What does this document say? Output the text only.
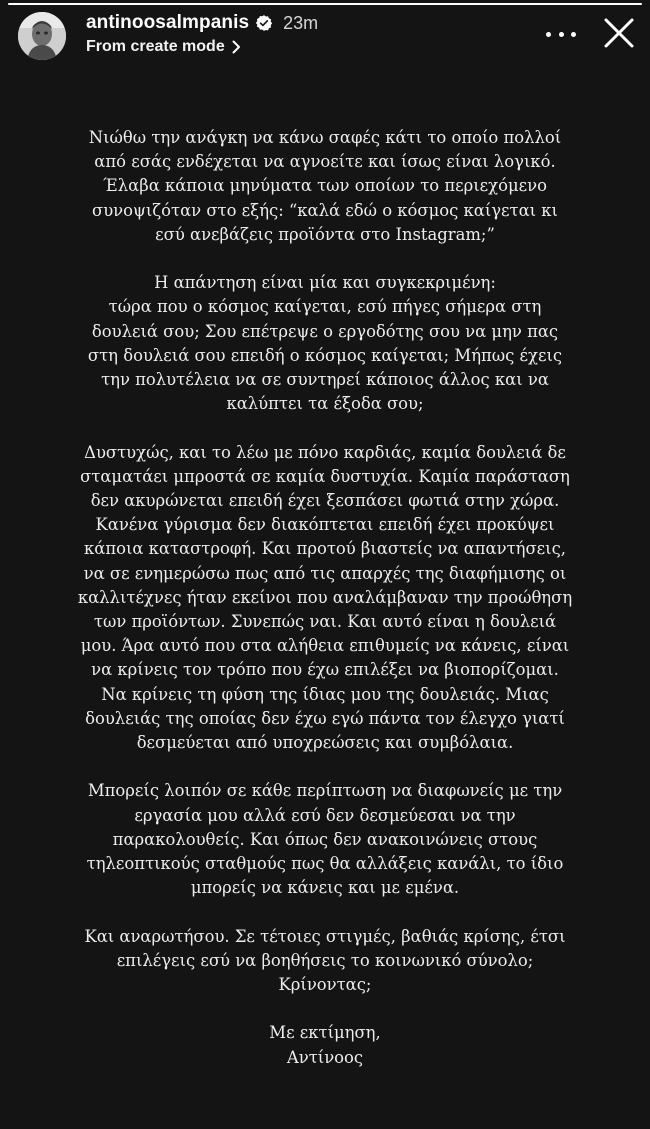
antinoosalmpanis 23m
From create mode

Νιώθω την ανάγκη να κάνω σαφές κάτι το οποίο πολλοί
από εσάς ενδέχεται να αγνοείτε και ίσως είναι λογικό.
Έλαβα κάποια μηνύματα των οποίων το περιεχόμενο
συνοψιζόταν στο εξής: “καλά εδώ ο κόσμος καίγεται κι
εσύ ανεβάζεις προϊόντα στο Instagram;”

Η απάντηση είναι μία και συγκεκριμένη:
τώρα που ο κόσμος καίγεται, εσύ πήγες σήμερα στη
δουλειά σου; Σου επέτρεψε ο εργοδότης σου να μην πας
στη δουλειά σου επειδή ο κόσμος καίγεται; Μήπως έχεις
την πολυτέλεια να σε συντηρεί κάποιος άλλος και να
καλύπτει τα έξοδα σου;

Δυστυχώς, και το λέω με πόνο καρδιάς, καμία δουλειά δε
σταματάει μπροστά σε καμία δυστυχία. Καμία παράσταση
δεν ακυρώνεται επειδή έχει ξεσπάσει φωτιά στην χώρα.
Κανένα γύρισμα δεν διακόπτεται επειδή έχει προκύψει
κάποια καταστροφή. Και προτού βιαστείς να απαντήσεις,
να σε ενημερώσω πως από τις απαρχές της διαφήμισης οι
καλλιτέχνες ήταν εκείνοι που αναλάμβαναν την προώθηση
των προϊόντων. Συνεπώς ναι. Και αυτό είναι η δουλειά
μου. Άρα αυτό που στα αλήθεια επιθυμείς να κάνεις, είναι
να κρίνεις τον τρόπο που έχω επιλέξει να βιοπορίζομαι.
Να κρίνεις τη φύση της ίδιας μου της δουλειάς. Μιας
δουλειάς της οποίας δεν έχω εγώ πάντα τον έλεγχο γιατί
δεσμεύεται από υποχρεώσεις και συμβόλαια.

Μπορείς λοιπόν σε κάθε περίπτωση να διαφωνείς με την
εργασία μου αλλά εσύ δεν δεσμεύεσαι να την
παρακολουθείς. Και όπως δεν ανακοινώνεις στους
τηλεοπτικούς σταθμούς πως θα αλλάξεις κανάλι, το ίδιο
μπορείς να κάνεις και με εμένα.

Και αναρωτήσου. Σε τέτοιες στιγμές, βαθιάς κρίσης, έτσι
επιλέγεις εσύ να βοηθήσεις το κοινωνικό σύνολο;
Κρίνοντας;

Με εκτίμηση,
Αντίνοος
